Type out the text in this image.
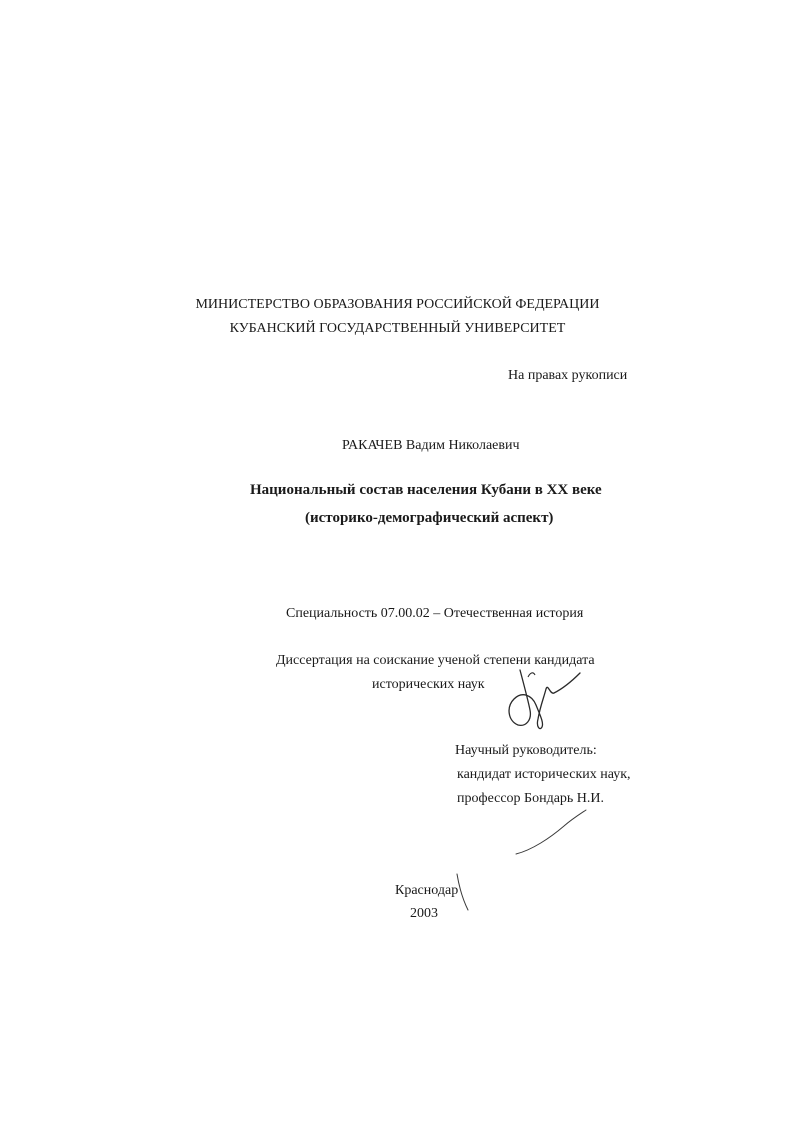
МИНИСТЕРСТВО ОБРАЗОВАНИЯ РОССИЙСКОЙ ФЕДЕРАЦИИ
КУБАНСКИЙ ГОСУДАРСТВЕННЫЙ УНИВЕРСИТЕТ
На правах рукописи
РАКАЧЕВ Вадим Николаевич
Национальный состав населения Кубани в XX веке
(историко-демографический аспект)
Специальность 07.00.02 – Отечественная история
Диссертация на соискание ученой степени кандидата
исторических наук
Научный руководитель:
кандидат исторических наук,
профессор Бондарь Н.И.
Краснодар
2003
